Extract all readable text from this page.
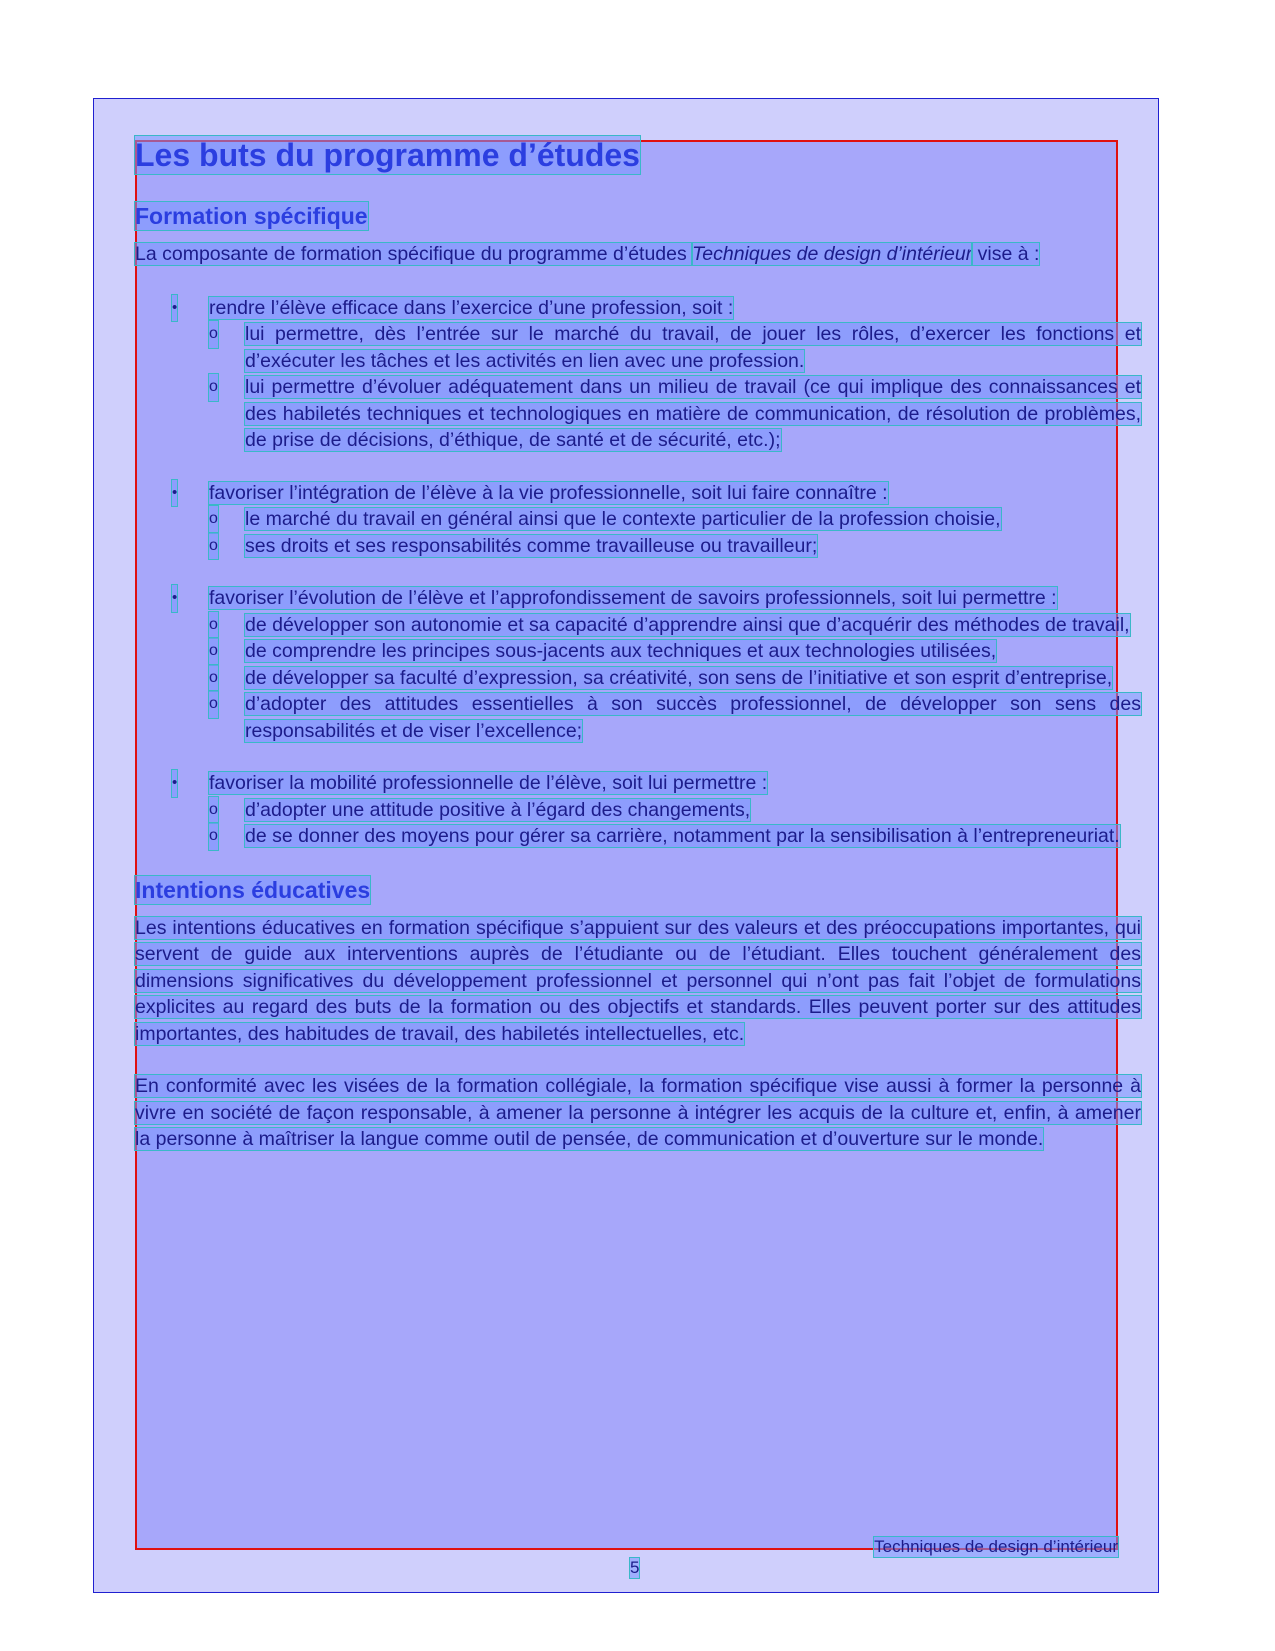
Les buts du programme d’études
Formation spécifique

La composante de formation spécifique du programme d’études Techniques de design d’intérieur vise à :

• rendre l’élève efficace dans l’exercice d’une profession, soit :
o lui permettre, dès l’entrée sur le marché du travail, de jouer les rôles, d’exercer les fonctions et d’exécuter les tâches et les activités en lien avec une profession.
o lui permettre d’évoluer adéquatement dans un milieu de travail (ce qui implique des connaissances et des habiletés techniques et technologiques en matière de communication, de résolution de problèmes, de prise de décisions, d’éthique, de santé et de sécurité, etc.);
• favoriser l’intégration de l’élève à la vie professionnelle, soit lui faire connaître :
o le marché du travail en général ainsi que le contexte particulier de la profession choisie,
o ses droits et ses responsabilités comme travailleuse ou travailleur;
• favoriser l’évolution de l’élève et l’approfondissement de savoirs professionnels, soit lui permettre :
o de développer son autonomie et sa capacité d’apprendre ainsi que d’acquérir des méthodes de travail,
o de comprendre les principes sous-jacents aux techniques et aux technologies utilisées,
o de développer sa faculté d’expression, sa créativité, son sens de l’initiative et son esprit d’entreprise,
o d’adopter des attitudes essentielles à son succès professionnel, de développer son sens des responsabilités et de viser l’excellence;
• favoriser la mobilité professionnelle de l’élève, soit lui permettre :
o d’adopter une attitude positive à l’égard des changements,
o de se donner des moyens pour gérer sa carrière, notamment par la sensibilisation à l’entrepreneuriat.
Intentions éducatives

Les intentions éducatives en formation spécifique s’appuient sur des valeurs et des préoccupations importantes, qui servent de guide aux interventions auprès de l’étudiante ou de l’étudiant. Elles touchent généralement des dimensions significatives du développement professionnel et personnel qui n’ont pas fait l’objet de formulations explicites au regard des buts de la formation ou des objectifs et standards. Elles peuvent porter sur des attitudes importantes, des habitudes de travail, des habiletés intellectuelles, etc.

En conformité avec les visées de la formation collégiale, la formation spécifique vise aussi à former la personne à vivre en société de façon responsable, à amener la personne à intégrer les acquis de la culture et, enfin, à amener la personne à maîtriser la langue comme outil de pensée, de communication et d’ouverture sur le monde.

Techniques de design d’intérieur
5
